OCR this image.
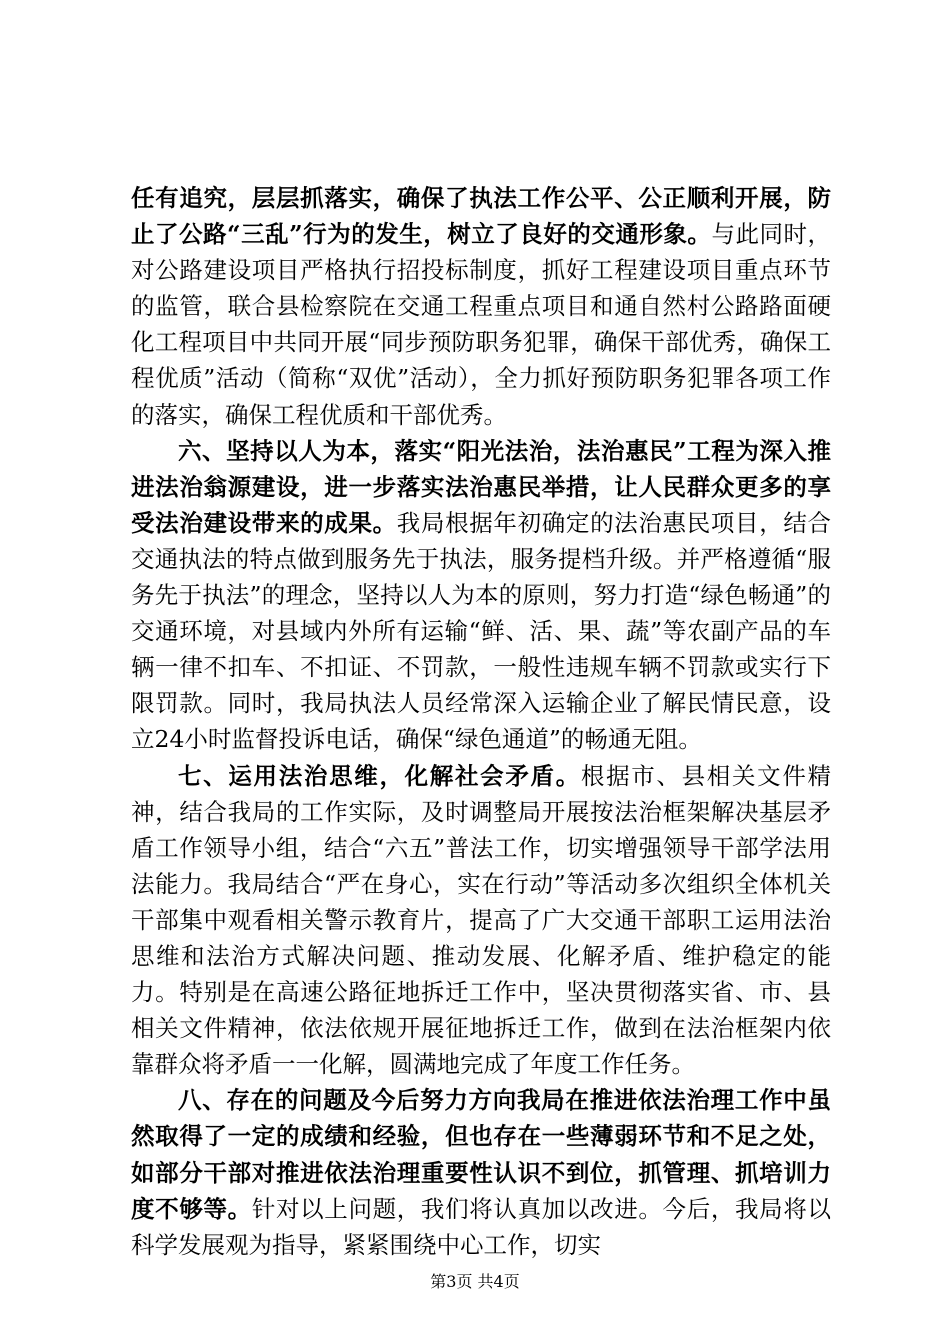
任有追究，层层抓落实，确保了执法工作公平、公正顺利开展，防止了公路“三乱”行为的发生，树立了良好的交通形象。与此同时，对公路建设项目严格执行招投标制度，抓好工程建设项目重点环节的监管，联合县检察院在交通工程重点项目和通自然村公路路面硬化工程项目中共同开展“同步预防职务犯罪，确保干部优秀，确保工程优质”活动（简称“双优”活动），全力抓好预防职务犯罪各项工作的落实，确保工程优质和干部优秀。

六、坚持以人为本，落实“阳光法治，法治惠民”工程为深入推进法治翁源建设，进一步落实法治惠民举措，让人民群众更多的享受法治建设带来的成果。我局根据年初确定的法治惠民项目，结合交通执法的特点做到服务先于执法，服务提档升级。并严格遵循“服务先于执法”的理念，坚持以人为本的原则，努力打造“绿色畅通”的交通环境，对县域内外所有运输“鲜、活、果、蔬”等农副产品的车辆一律不扣车、不扣证、不罚款，一般性违规车辆不罚款或实行下限罚款。同时，我局执法人员经常深入运输企业了解民情民意，设立24小时监督投诉电话，确保“绿色通道”的畅通无阻。

七、运用法治思维，化解社会矛盾。根据市、县相关文件精神，结合我局的工作实际，及时调整局开展按法治框架解决基层矛盾工作领导小组，结合“六五”普法工作，切实增强领导干部学法用法能力。我局结合“严在身心，实在行动”等活动多次组织全体机关干部集中观看相关警示教育片，提高了广大交通干部职工运用法治思维和法治方式解决问题、推动发展、化解矛盾、维护稳定的能力。特别是在高速公路征地拆迁工作中，坚决贯彻落实省、市、县相关文件精神，依法依规开展征地拆迁工作，做到在法治框架内依靠群众将矛盾一一化解，圆满地完成了年度工作任务。

八、存在的问题及今后努力方向我局在推进依法治理工作中虽然取得了一定的成绩和经验，但也存在一些薄弱环节和不足之处，如部分干部对推进依法治理重要性认识不到位，抓管理、抓培训力度不够等。针对以上问题，我们将认真加以改进。今后，我局将以科学发展观为指导，紧紧围绕中心工作，切实

第3页 共4页
